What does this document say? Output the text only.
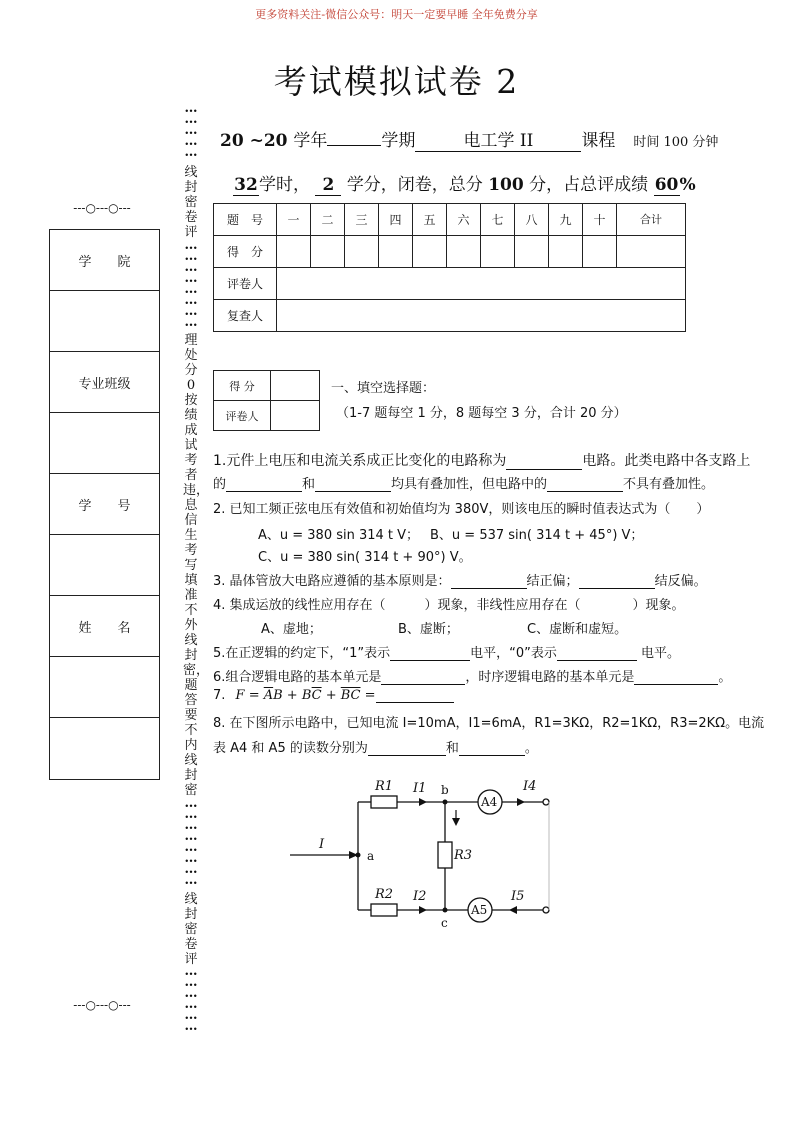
更多资料关注-微信公众号：明天一定要早睡 全年免费分享
考试模拟试卷 2
…
…
…
…
…
线封密卷评
…
…
…
…
…
…
…
…
理处分0按绩成试考者违，息信生考写填准不外线封密，题答要不内线封密
…
…
…
…
…
…
…
…
线封密卷评
…
…
…
…
…
…
---○---○---
---○---○---
学　　院
专业班级
学　　号
姓　　名
20 ~20 学年	学期	电工学 II	课程 时间 100 分钟
32学时， 2 学分，闭卷，总分 100 分，占总评成绩 60%
题　号	一	二	三	四	五	六	七	八	九	十	合计
得　分											
评卷人											
复查人											
得 分	
评卷人	
一、填空选择题：
（1-7 题每空 1 分，8 题每空 3 分，合计 20 分）
1.元件上电压和电流关系成正比变化的电路称为	电路。此类电路中各支路上
的	和	均具有叠加性，但电路中的	不具有叠加性。
2. 已知工频正弦电压有效值和初始值均为 380V，则该电压的瞬时值表达式为（　　）
A、u = 380 sin 314 t V； B、u = 537 sin( 314 t + 45°) V；
C、u = 380 sin( 314 t + 90°) V。
3. 晶体管放大电路应遵循的基本原则是：	结正偏；	结反偏。
4. 集成运放的线性应用存在（　　　）现象，非线性应用存在（　　　　）现象。
A、虚地；	B、虚断；	C、虚断和虚短。
5.在正逻辑的约定下，“1”表示	电平，“0”表示	电平。
6.组合逻辑电路的基本单元是	，时序逻辑电路的基本单元是	。
7. $F = \overline{A}B + B\overline{C} + \overline{BC}$ =
8. 在下图所示电路中，已知电流 I=10mA，I1=6mA，R1=3KΩ，R2=1KΩ，R3=2KΩ。电流
表 A4 和 A5 的读数分别为	和	。
I
R1 I1
R2 I2
R3
I4
I5
A4
A5
a
b
c
